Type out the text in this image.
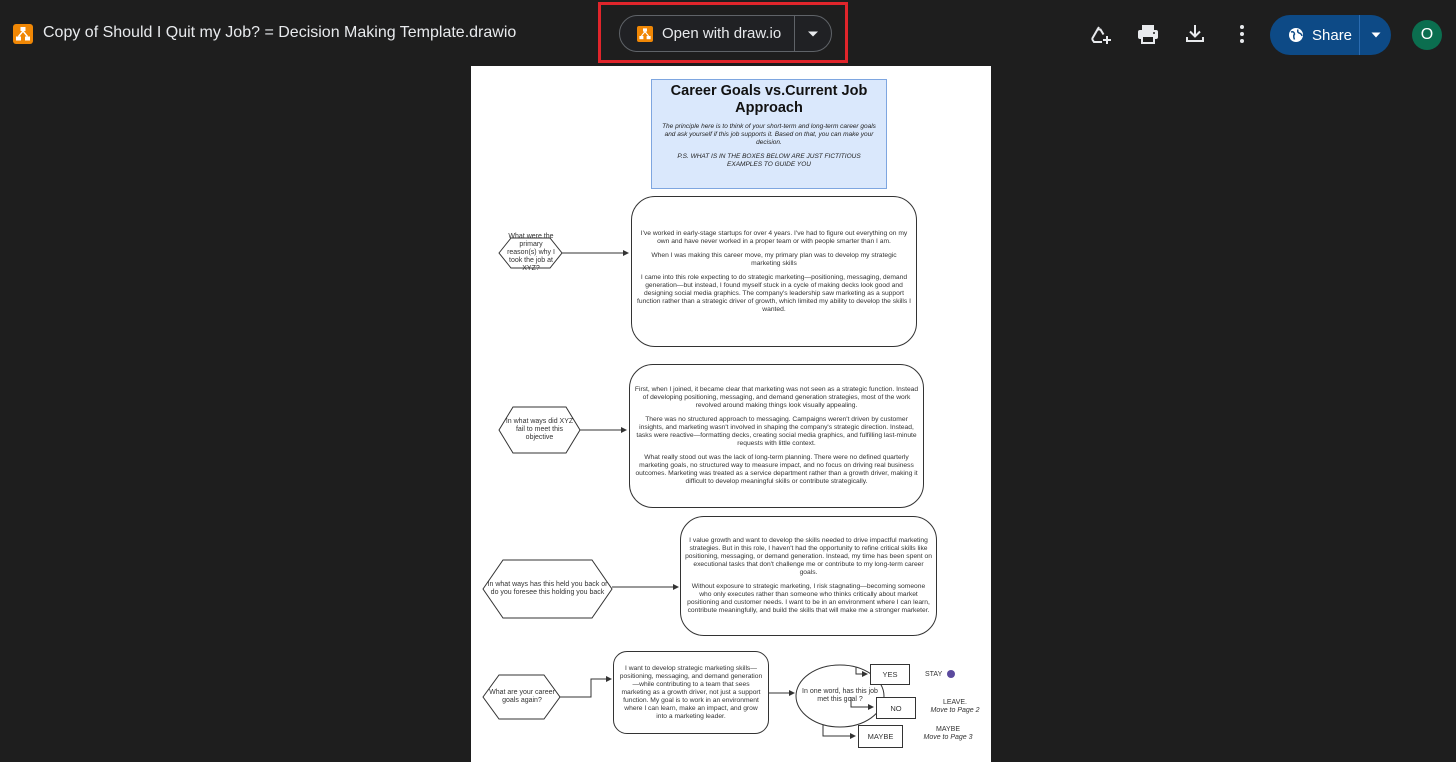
Copy of Should I Quit my Job? = Decision Making Template.drawio	Open with draw.io	Share	O
Career Goals vs.Current Job Approach
The principle here is to think of your short-term and long-term career goals and ask yourself if this job supports it. Based on that, you can make your decision.
P.S. WHAT IS IN THE BOXES BELOW ARE JUST FICTITIOUS EXAMPLES TO GUIDE YOU
What were the primary reason(s) why I took the job at XYZ?
In what ways did XYZ fail to meet this objective
In what ways has this held you back or do you foresee this holding you back
What are your career goals again?

I've worked in early-stage startups for over 4 years. I've had to figure out everything on my own and have never worked in a proper team or with people smarter than I am.

When I was making this career move, my primary plan was to develop my strategic marketing skills

I came into this role expecting to do strategic marketing—positioning, messaging, demand generation—but instead, I found myself stuck in a cycle of making decks look good and designing social media graphics. The company's leadership saw marketing as a support function rather than a strategic driver of growth, which limited my ability to develop the skills I wanted.

First, when I joined, it became clear that marketing was not seen as a strategic function. Instead of developing positioning, messaging, and demand generation strategies, most of the work revolved around making things look visually appealing.

There was no structured approach to messaging. Campaigns weren't driven by customer insights, and marketing wasn't involved in shaping the company's strategic direction. Instead, tasks were reactive—formatting decks, creating social media graphics, and fulfilling last-minute requests with little context.

What really stood out was the lack of long-term planning. There were no defined quarterly marketing goals, no structured way to measure impact, and no focus on driving real business outcomes. Marketing was treated as a service department rather than a growth driver, making it difficult to develop meaningful skills or contribute strategically.

I value growth and want to develop the skills needed to drive impactful marketing strategies. But in this role, I haven't had the opportunity to refine critical skills like positioning, messaging, or demand generation. Instead, my time has been spent on executional tasks that don't challenge me or contribute to my long-term career goals.

Without exposure to strategic marketing, I risk stagnating—becoming someone who only executes rather than someone who thinks critically about market positioning and customer needs. I want to be in an environment where I can learn, contribute meaningfully, and build the skills that will make me a stronger marketer.

I want to develop strategic marketing skills—positioning, messaging, and demand generation—while contributing to a team that sees marketing as a growth driver, not just a support function. My goal is to work in an environment where I can learn, make an impact, and grow into a marketing leader.

In one word, has this job met this goal ?
YES
NO
MAYBE
STAY
LEAVE.
Move to Page 2
MAYBE
Move to Page 3
